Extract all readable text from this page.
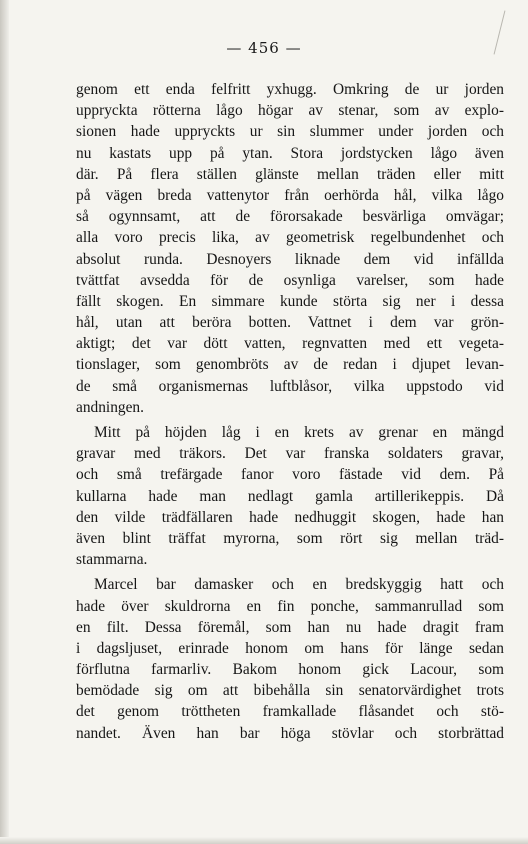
— 456 —
genom ett enda felfritt yxhugg. Omkring de ur jorden
uppryckta rötterna lågo högar av stenar, som av explo-
sionen hade uppryckts ur sin slummer under jorden och
nu kastats upp på ytan. Stora jordstycken lågo även
där. På flera ställen glänste mellan träden eller mitt
på vägen breda vattenytor från oerhörda hål, vilka lågo
så ogynnsamt, att de förorsakade besvärliga omvägar;
alla voro precis lika, av geometrisk regelbundenhet och
absolut runda. Desnoyers liknade dem vid infällda
tvättfat avsedda för de osynliga varelser, som hade
fällt skogen. En simmare kunde störta sig ner i dessa
hål, utan att beröra botten. Vattnet i dem var grön-
aktigt; det var dött vatten, regnvatten med ett vegeta-
tionslager, som genombröts av de redan i djupet levan-
de små organismernas luftblåsor, vilka uppstodo vid
andningen.
Mitt på höjden låg i en krets av grenar en mängd
gravar med träkors. Det var franska soldaters gravar,
och små trefärgade fanor voro fästade vid dem. På
kullarna hade man nedlagt gamla artillerikeppis. Då
den vilde trädfällaren hade nedhuggit skogen, hade han
även blint träffat myrorna, som rört sig mellan träd-
stammarna.
Marcel bar damasker och en bredskyggig hatt och
hade över skuldrorna en fin ponche, sammanrullad som
en filt. Dessa föremål, som han nu hade dragit fram
i dagsljuset, erinrade honom om hans för länge sedan
förflutna farmarliv. Bakom honom gick Lacour, som
bemödade sig om att bibehålla sin senatorvärdighet trots
det genom tröttheten framkallade flåsandet och stö-
nandet. Även han bar höga stövlar och storbrättad
